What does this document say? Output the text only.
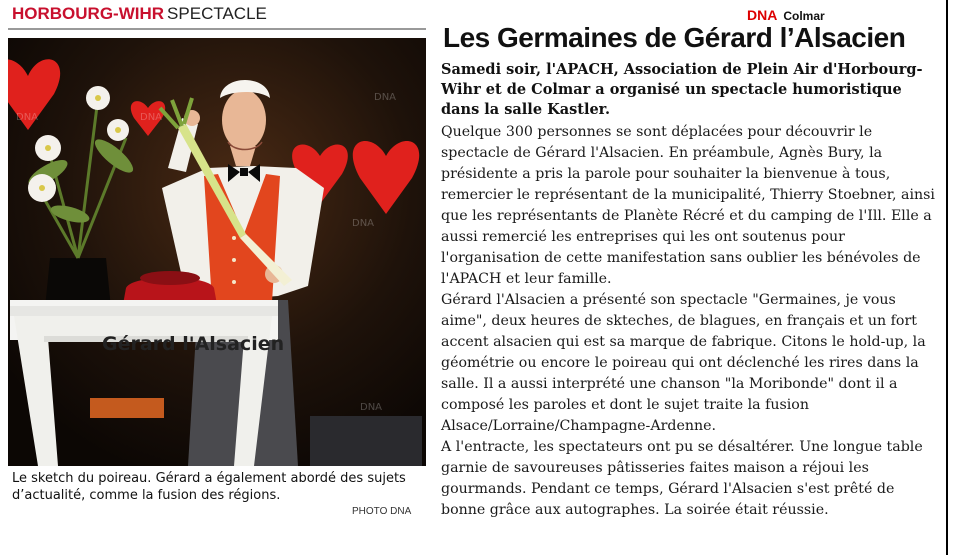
HORBOURG-WIHR SPECTACLE	DNA Colmar
Les Germaines de Gérard l’Alsacien

Samedi soir, l'APACH, Association de Plein Air d'Horbourg-Wihr et de Colmar a organisé un spectacle humoristique dans la salle Kastler.

Quelque 300 personnes se sont déplacées pour découvrir le spectacle de Gérard l'Alsacien. En préambule, Agnès Bury, la présidente a pris la parole pour souhaiter la bienvenue à tous, remercier le représentant de la municipalité, Thierry Stoebner, ainsi que les représentants de Planète Récré et du camping de l'Ill. Elle a aussi remercié les entreprises qui les ont soutenus pour l'organisation de cette manifestation sans oublier les bénévoles de l'APACH et leur famille.

Gérard l'Alsacien a présenté son spectacle "Germaines, je vous aime", deux heures de skteches, de blagues, en français et un fort accent alsacien qui est sa marque de fabrique. Citons le hold-up, la géométrie ou encore le poireau qui ont déclenché les rires dans la salle. Il a aussi interprété une chanson "la Moribonde" dont il a composé les paroles et dont le sujet traite la fusion Alsace/Lorraine/Champagne-Ardenne.

A l'entracte, les spectateurs ont pu se désaltérer. Une longue table garnie de savoureuses pâtisseries faites maison a réjoui les gourmands. Pendant ce temps, Gérard l'Alsacien s'est prêté de bonne grâce aux autographes. La soirée était réussie.

Gérard l'Alsacien
DNA	DNA
DNA
DNA
DNA

Le sketch du poireau. Gérard a également abordé des sujets d’actualité, comme la fusion des régions.

PHOTO DNA
